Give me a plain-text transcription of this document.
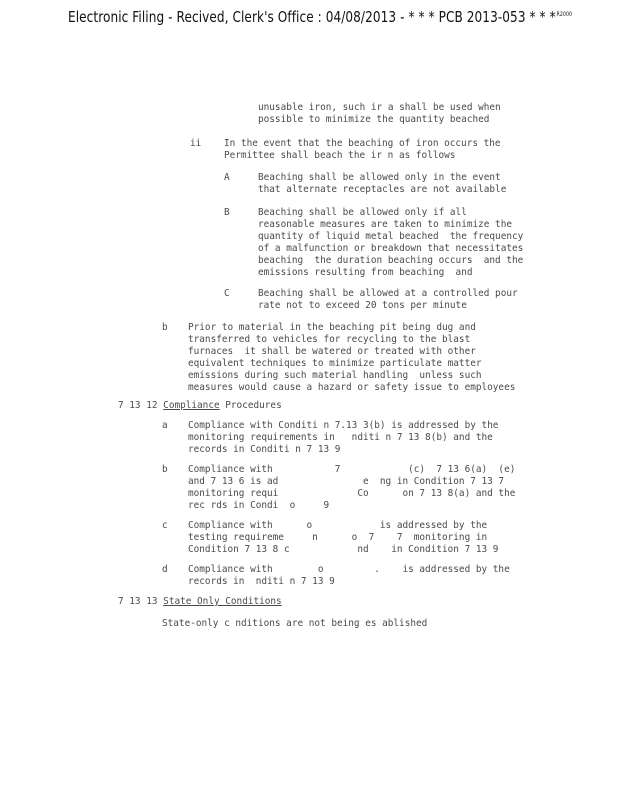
Electronic Filing - Recived, Clerk's Office : 04/08/2013 - * * * PCB 2013-053 * * *$^{R2000}$
unusable iron, such ir a shall be used when
possible to minimize the quantity beached
ii In the event that the beaching of iron occurs the
Permittee shall beach the ir n as follows
A	Beaching shall be allowed only in the event
that alternate receptacles are not available
B	Beaching shall be allowed only if all
reasonable measures are taken to minimize the
quantity of liquid metal beached  the frequency
of a malfunction or breakdown that necessitates
beaching  the duration beaching occurs  and the
emissions resulting from beaching  and
C	Beaching shall be allowed at a controlled pour
rate not to exceed 20 tons per minute
b Prior to material in the beaching pit being dug and
transferred to vehicles for recycling to the blast
furnaces  it shall be watered or treated with other
equivalent techniques to minimize particulate matter
emissions during such material handling  unless such
measures would cause a hazard or safety issue to employees
7 13 12 Compliance Procedures
a Compliance with Conditi n 7.13 3(b) is addressed by the
monitoring requirements in   nditi n 7 13 8(b) and the
records in Conditi n 7 13 9
b Compliance with           7            (c)  7 13 6(a)  (e)
and 7 13 6 is ad               e  ng in Condition 7 13 7
monitoring requi              Co      on 7 13 8(a) and the
rec rds in Condi  o     9
c Compliance with      o            is addressed by the
testing requireme     n      o  7    7  monitoring in
Condition 7 13 8 c            nd    in Condition 7 13 9
d Compliance with        o         .    is addressed by the
records in  nditi n 7 13 9
7 13 13 State Only Conditions
State-only c nditions are not being es ablished
